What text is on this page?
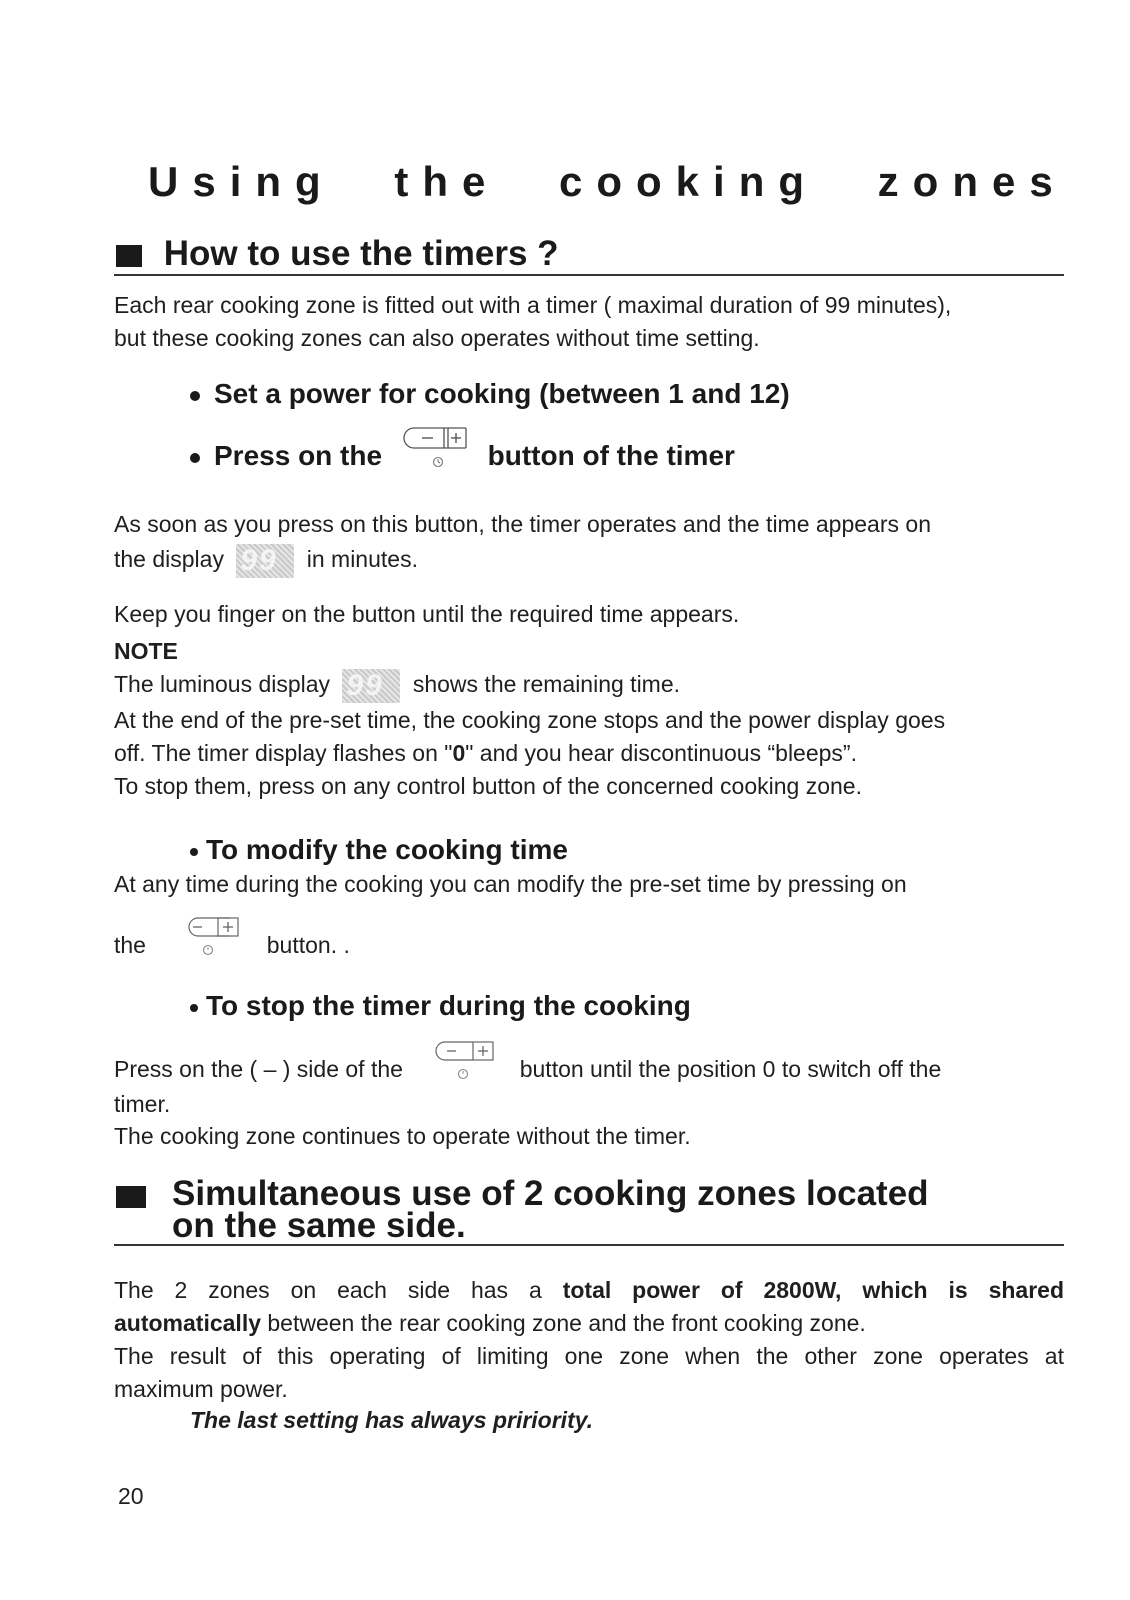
Using the cooking zones
How to use the timers ?
Each rear cooking zone is fitted out with a timer ( maximal duration of 99 minutes),
but these cooking zones can also operates without time setting.
Set a power for cooking (between 1 and 12)
Press on the	button of the timer
As soon as you press on this button, the timer operates and the time appears on
the display 99 in minutes.
Keep you finger on the button until the required time appears.
NOTE
The luminous display 99 shows the remaining time.
At the end of the pre-set time, the cooking zone stops and the power display goes
off. The timer display flashes on "0" and you hear discontinuous “bleeps”.
To stop them, press on any control button of the concerned cooking zone.
To modify the cooking time
At any time during the cooking you can modify the pre-set time by pressing on
the	button. .
To stop the timer during the cooking
Press on the ( – ) side of the	button until the position 0 to switch off the
timer.
The cooking zone continues to operate without the timer.
Simultaneous use of 2 cooking zones located
on the same side.
The 2 zones on each side has a total power of 2800W, which is shared
automatically between the rear cooking zone and the front cooking zone.
The result of this operating of limiting one zone when the other zone operates at
maximum power.
The last setting has always pririority.
20
